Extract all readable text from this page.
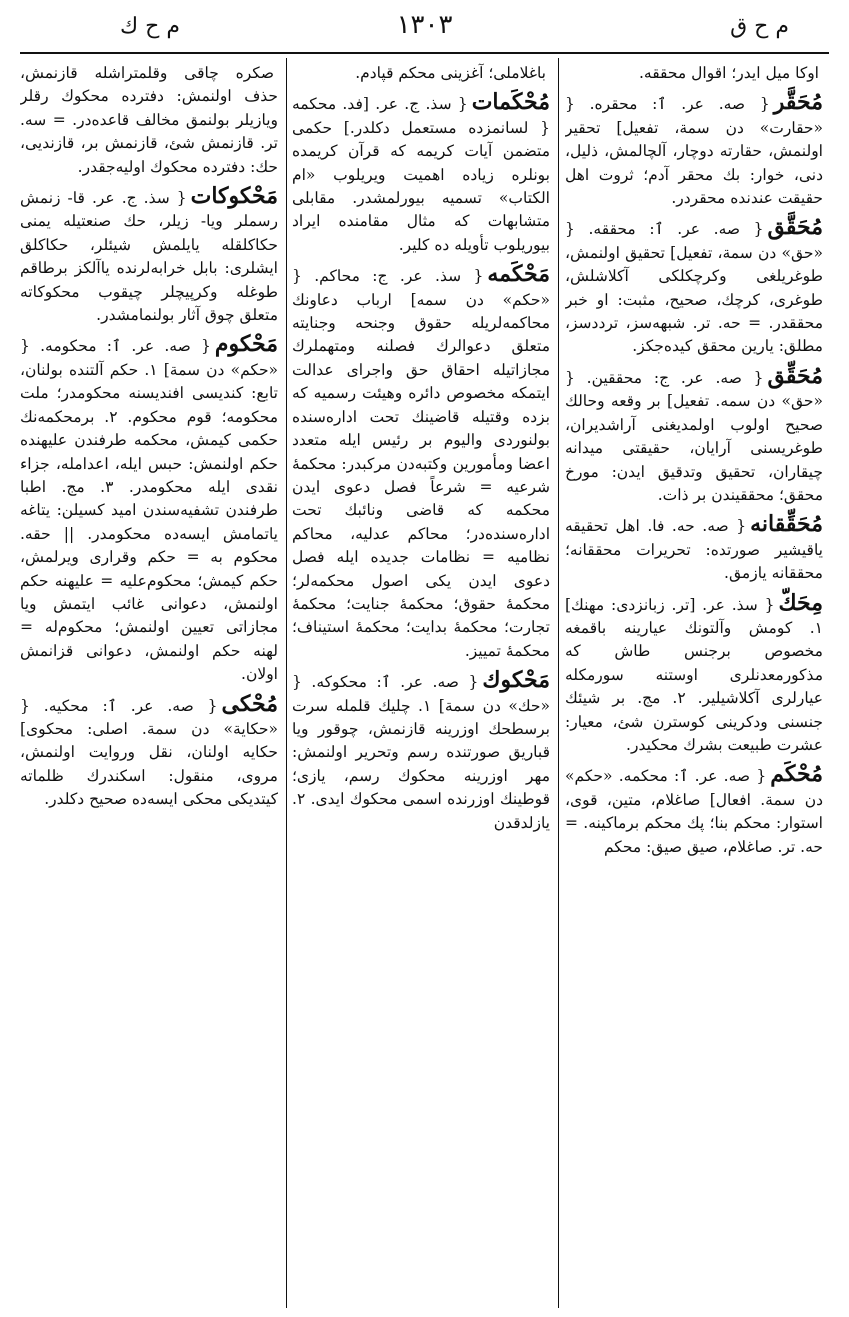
م ح ق
١٣٠٣
م ح ك
اوكا ميل ايدر؛ اقوال محققه.
مُحَقَّر{ صه. عر. ٱ: محقره. { «حقارت» دن سمة، تفعيل] تحقير اولنمش، حقارته دوچار، آلچالمش، ذليل، دنى، خوار: بك محقر آدم؛ ثروت اهل حقيقت عندنده محقردر.
مُحَقَّق{ صه. عر. ٱ: محققه. { «حق» دن سمة، تفعيل] تحقيق اولنمش، طوغريلغى وكرچكلكى آكلاشلش، طوغرى، كرچك، صحيح، مثبت: او خبر محققدر. = حه. تر. شبهه‌سز، ترددسز، مطلق: يارين محقق كيده‌جكز.
مُحَقِّق{ صه. عر. ج: محققين. { «حق» دن سمه. تفعيل] بر وقعه وحالك صحيح اولوب اولمديغنى آراشديران، طوغريسنى آرايان، حقيقتى ميدانه چيقاران، تحقيق وتدقيق ايدن: مورخ محقق؛ محققيندن بر ذات.
مُحَقِّقانه{ صه. حه. فا. اهل تحقيقه ياقيشير صورتده: تحريرات محققانه؛ محققانه يازمق.
مِحَكّ{ سذ. عر. [تر. زبانزدى: مهنك] ١. كومش وآلتونك عيارينه باقمغه مخصوص برجنس طاش كه مذكورمعدنلرى اوستنه سورمكله عيارلرى آكلاشيلير. ٢. مج. بر شيئك جنسنى ودكرينى كوسترن شئ، معيار: عشرت طبيعت بشرك محكيدر.
مُحْكَم{ صه. عر. ٱ: محكمه. «حكم» دن سمة. افعال] صاغلام، متين، قوى، استوار: محكم بنا؛ پك محكم برماكينه. = حه. تر. صاغلام، صيق صيق: محكم
باغلاملى؛ آغزينى محكم قپادم.
مُحْكَمات{ سذ. ج. عر. [فد. محكمه { لسانمزده مستعمل دكلدر.] حكمى متضمن آيات كريمه كه قرآن كريمده بونلره زياده اهميت ويريلوب «ام الكتاب» تسميه بيورلمشدر. مقابلى متشابهات كه مثال مقامنده ايراد بيوريلوب تأويله ده كلير.
مَحْكَمه{ سذ. عر. ج: محاكم. { «حكم» دن سمه] ارباب دعاونك محاكمه‌لريله حقوق وجنحه وجنايته متعلق دعوالرك فصلنه ومتهملرك مجازاتيله احقاق حق واجراى عدالت ايتمكه مخصوص دائره وهيئت رسميه كه بزده وقتيله قاضينك تحت اداره‌سنده بولنوردى واليوم بر رئيس ايله متعدد اعضا ومأمورين وكتبه‌دن مركبدر: محكمهٔ شرعيه = شرعاً فصل دعوى ايدن محكمه كه قاضى ونائبك تحت اداره‌سنده‌در؛ محاكم عدليه، محاكم نظاميه = نظامات جديده ايله فصل دعوى ايدن يكى اصول محكمه‌لر؛ محكمهٔ حقوق؛ محكمهٔ جنايت؛ محكمهٔ تجارت؛ محكمهٔ بدايت؛ محكمهٔ استيناف؛ محكمهٔ تمييز.
مَحْكوك{ صه. عر. ٱ: محكوكه. { «حك» دن سمة] ١. چليك قلمله سرت برسطحك اوزرينه قازنمش، چوقور ويا قباريق صورتنده رسم وتحرير اولنمش: مهر اوزرينه محكوك رسم، يازى؛ قوطينك اوزرنده اسمى محكوك ايدى. ٢. يازلدقدن
صكره چاقى وقلمتراشله قازنمش، حذف اولنمش: دفترده محكوك رقلر ويازيلر بولنمق مخالف قاعده‌در. = سه. تر. قازنمش شئ، قازنمش بر، قازنديى، حك: دفترده محكوك اوليه‌جقدر.
مَحْكوكات{ سذ. ج. عر. قا- زنمش رسملر ويا- زيلر، حك صنعتيله يمنى حكاكلقله يايلمش شيئلر، حكاكلق ايشلرى: بابل خرابه‌لرنده ياآلكز برطاقم طوغله وكرپيچلر چيقوب محكوكاته متعلق چوق آثار بولنمامشدر.
مَحْكوم{ صه. عر. ٱ: محكومه. { «حكم» دن سمة] ١. حكم آلتنده بولنان، تابع: كنديسى افنديسنه محكومدر؛ ملت محكومه؛ قوم محكوم. ٢. برمحكمه‌نك حكمى كيمش، محكمه طرفندن عليهنده حكم اولنمش: حبس ايله، اعدامله، جزاء نقدى ايله محكومدر. ٣. مج. اطبا طرفندن تشفيه‌سندن اميد كسيلن: يتاغه ياتمامش ايسه‌ده محكومدر. || حقه. محكوم به = حكم وقرارى ويرلمش، حكم كيمش؛ محكوم‌عليه = عليهنه حكم اولنمش، دعوانى غائب ايتمش ويا مجازاتى تعيين اولنمش؛ محكوم‌له = لهنه حكم اولنمش، دعوانى قزانمش اولان.
مُحْكى{ صه. عر. ٱ: محكيه. { «حكاية» دن سمة. اصلى: محكوى] حكايه اولنان، نقل وروايت اولنمش، مروى، منقول: اسكندرك ظلماته كيتديكى محكى ايسه‌ده صحيح دكلدر.
